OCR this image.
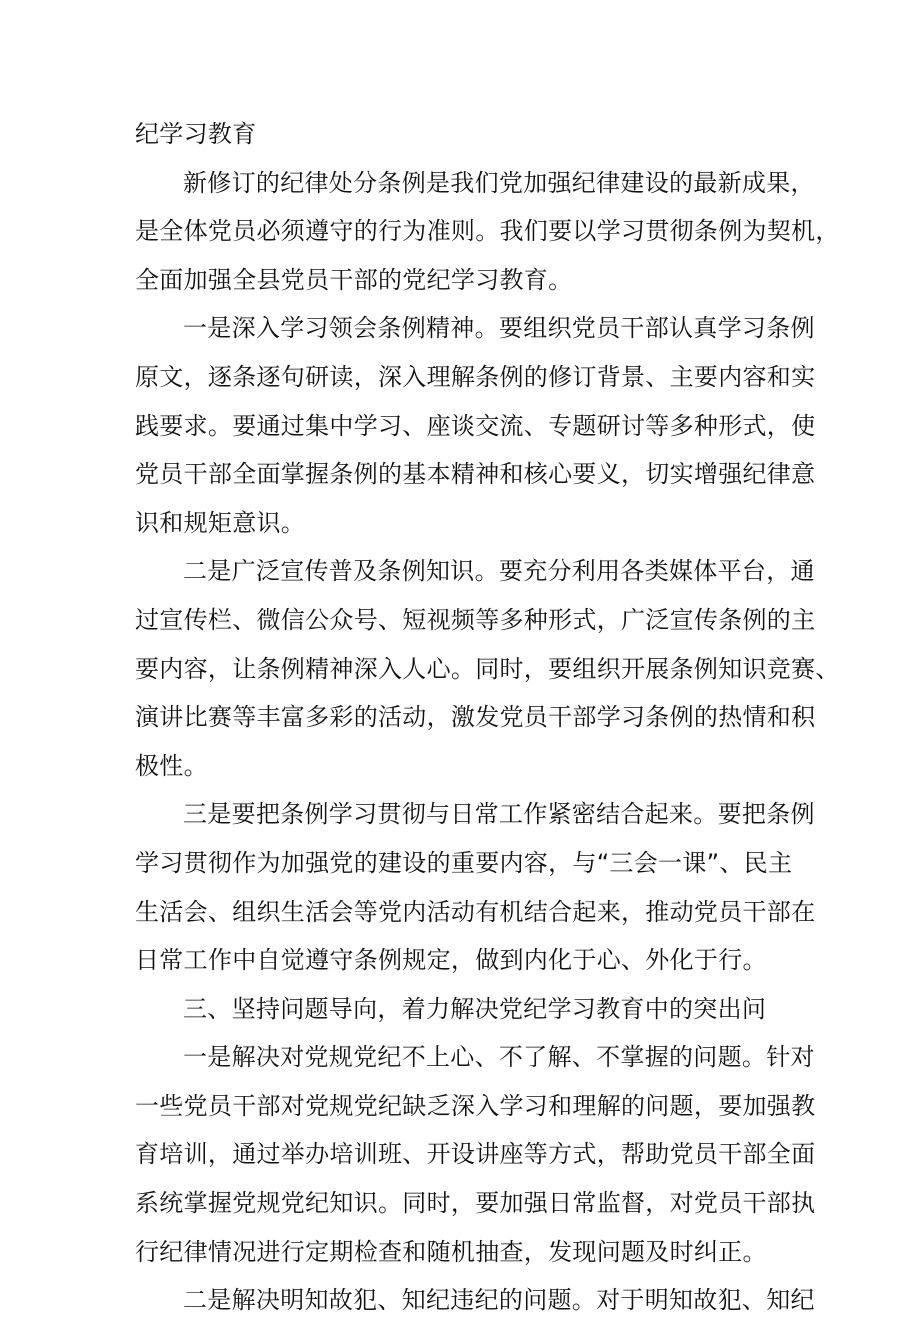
纪学习教育
新修订的纪律处分条例是我们党加强纪律建设的最新成果，
是全体党员必须遵守的行为准则。我们要以学习贯彻条例为契机，
全面加强全县党员干部的党纪学习教育。
一是深入学习领会条例精神。要组织党员干部认真学习条例
原文，逐条逐句研读，深入理解条例的修订背景、主要内容和实
践要求。要通过集中学习、座谈交流、专题研讨等多种形式，使
党员干部全面掌握条例的基本精神和核心要义，切实增强纪律意
识和规矩意识。
二是广泛宣传普及条例知识。要充分利用各类媒体平台，通
过宣传栏、微信公众号、短视频等多种形式，广泛宣传条例的主
要内容，让条例精神深入人心。同时，要组织开展条例知识竞赛、
演讲比赛等丰富多彩的活动，激发党员干部学习条例的热情和积
极性。
三是要把条例学习贯彻与日常工作紧密结合起来。要把条例
学习贯彻作为加强党的建设的重要内容，与“三会一课”、民主
生活会、组织生活会等党内活动有机结合起来，推动党员干部在
日常工作中自觉遵守条例规定，做到内化于心、外化于行。
三、坚持问题导向，着力解决党纪学习教育中的突出问
一是解决对党规党纪不上心、不了解、不掌握的问题。针对
一些党员干部对党规党纪缺乏深入学习和理解的问题，要加强教
育培训，通过举办培训班、开设讲座等方式，帮助党员干部全面
系统掌握党规党纪知识。同时，要加强日常监督，对党员干部执
行纪律情况进行定期检查和随机抽查，发现问题及时纠正。
二是解决明知故犯、知纪违纪的问题。对于明知故犯、知纪
